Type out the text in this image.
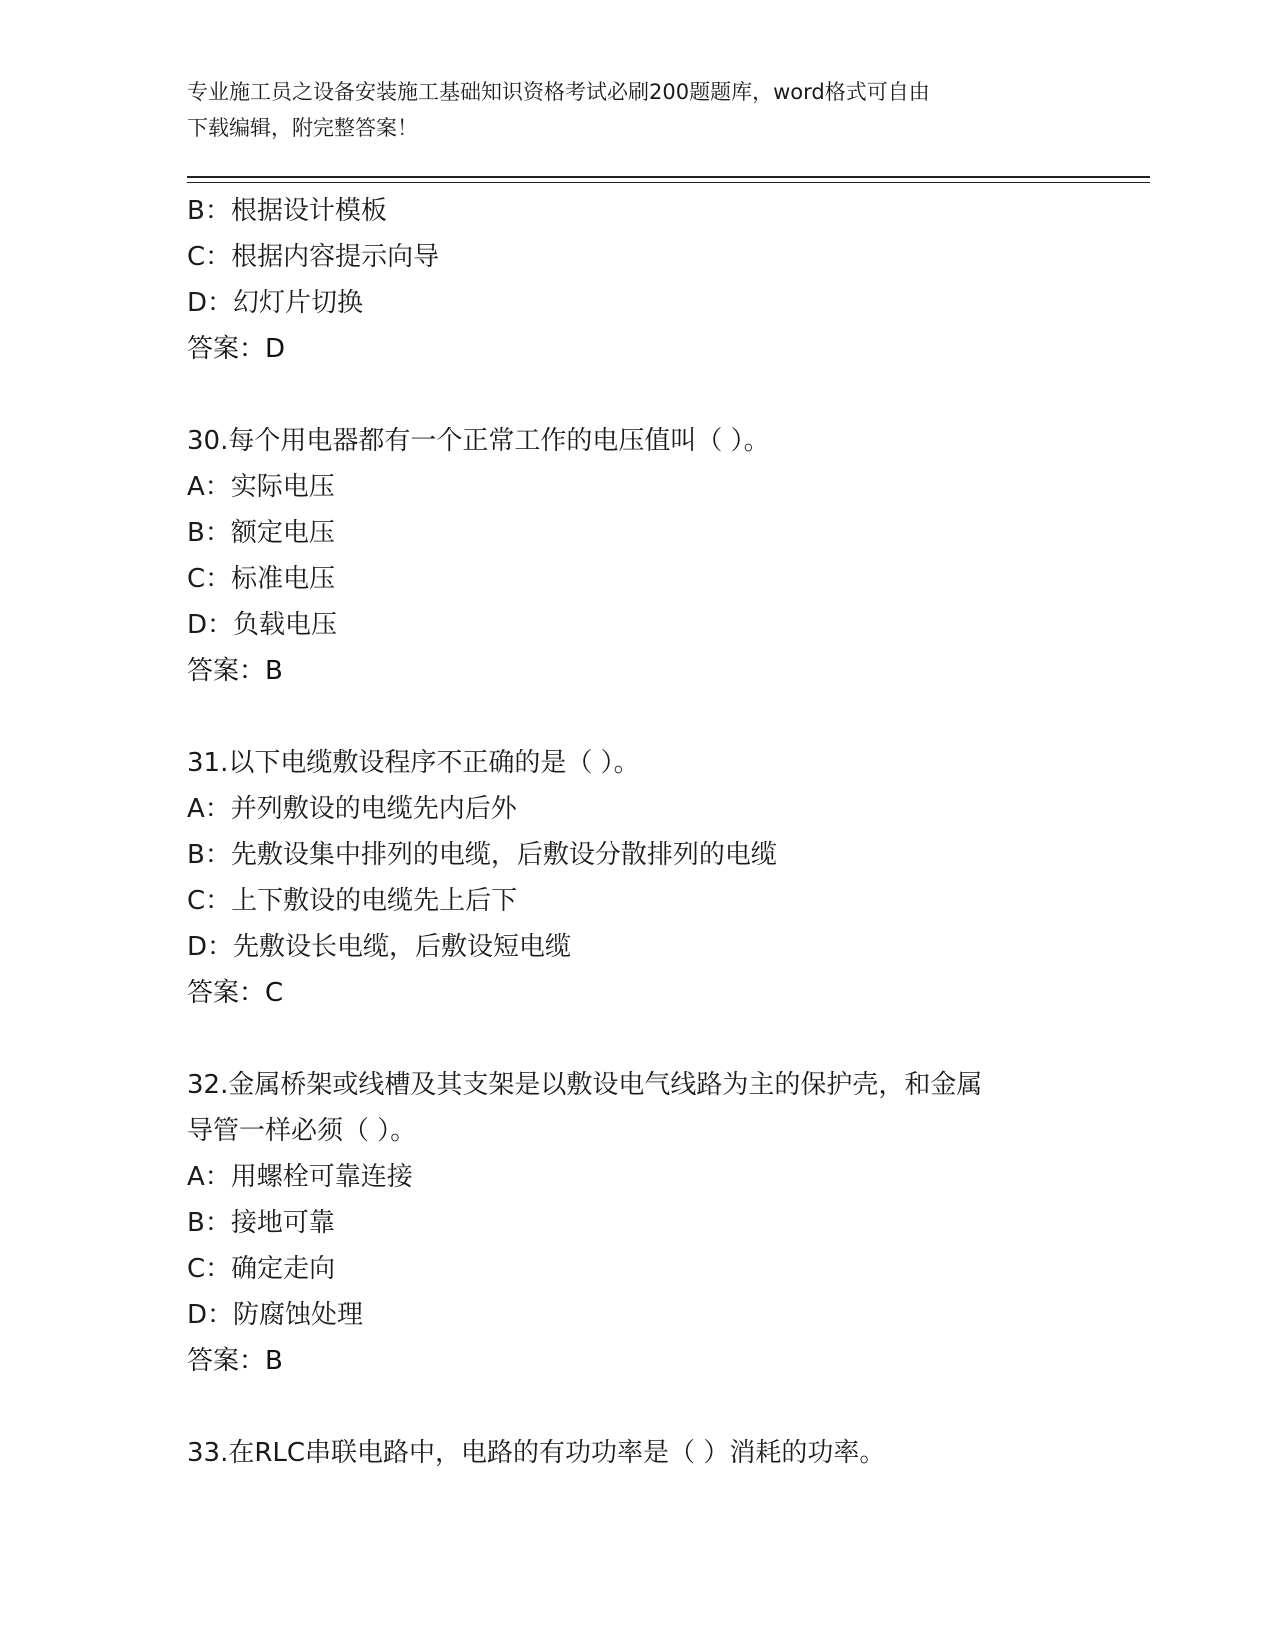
专业施工员之设备安装施工基础知识资格考试必刷200题题库，word格式可自由
下载编辑，附完整答案！
B：根据设计模板
C：根据内容提示向导
D：幻灯片切换
答案：D
30.每个用电器都有一个正常工作的电压值叫（ ）。
A：实际电压
B：额定电压
C：标准电压
D：负载电压
答案：B
31.以下电缆敷设程序不正确的是（ ）。
A：并列敷设的电缆先内后外
B：先敷设集中排列的电缆，后敷设分散排列的电缆
C：上下敷设的电缆先上后下
D：先敷设长电缆，后敷设短电缆
答案：C
32.金属桥架或线槽及其支架是以敷设电气线路为主的保护壳，和金属
导管一样必须（ ）。
A：用螺栓可靠连接
B：接地可靠
C：确定走向
D：防腐蚀处理
答案：B
33.在RLC串联电路中，电路的有功功率是（ ）消耗的功率。
